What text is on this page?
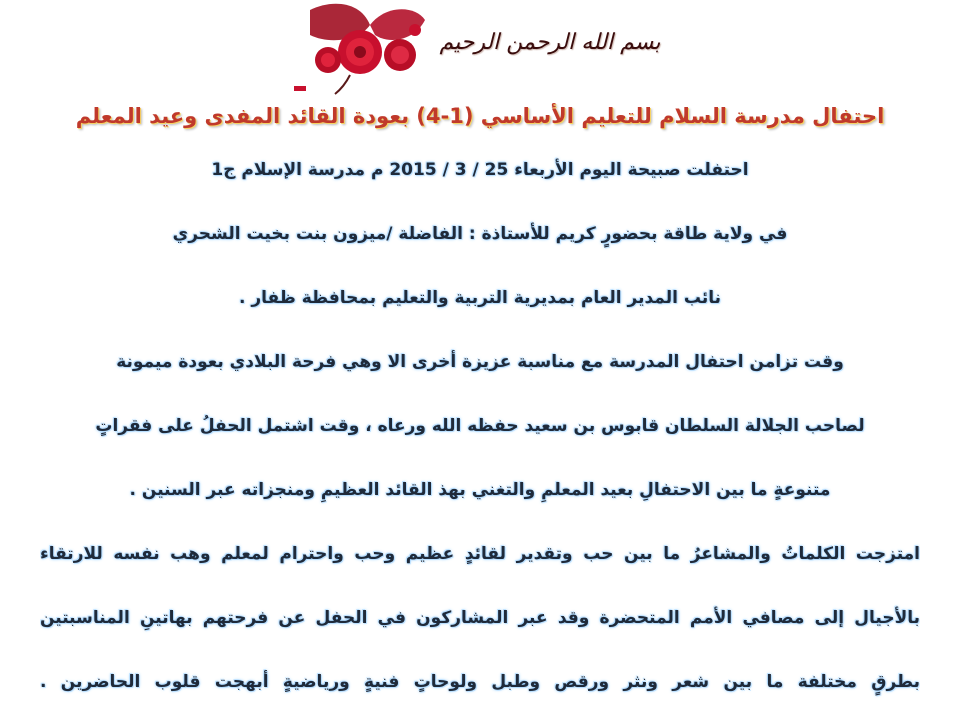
بسم الله الرحمن الرحيم
احتفال مدرسة السلام للتعليم الأساسي (1-4) بعودة القائد المفدى وعيد المعلم
احتفلت صبيحة اليوم الأربعاء 25 / 3 / 2015 م مدرسة الإسلام ج1
في ولاية طاقة بحضورٍ كريم للأستاذة : الفاضلة /ميزون بنت بخيت الشحري
نائب المدير العام بمديرية التربية والتعليم بمحافظة ظفار .
وقت تزامن احتفال المدرسة مع مناسبة عزيزة أخرى الا وهي فرحة البلادي بعودة ميمونة
لصاحب الجلالة السلطان قابوس بن سعيد حفظه الله ورعاه ، وقت اشتمل الحفلُ على فقراتٍ
متنوعةٍ ما بين الاحتفالِ بعيد المعلمِ والتغني بهذ القائد العظيمِ ومنجزاته عبر السنين .
امتزجت الكلماتُ والمشاعرُ ما بين حب وتقدير لقائدٍ عظيم وحب واحترام لمعلم وهب نفسه للارتقاء
بالأجيال إلى مصافي الأمم المتحضرة وقد عبر المشاركون في الحفل عن فرحتهم بهاتينِ المناسبتين
بطرقٍ مختلفة ما بين شعر ونثر ورقص وطبل ولوحاتٍ فنيةٍ ورياضيةٍ أبهجت قلوب الحاضرين .
